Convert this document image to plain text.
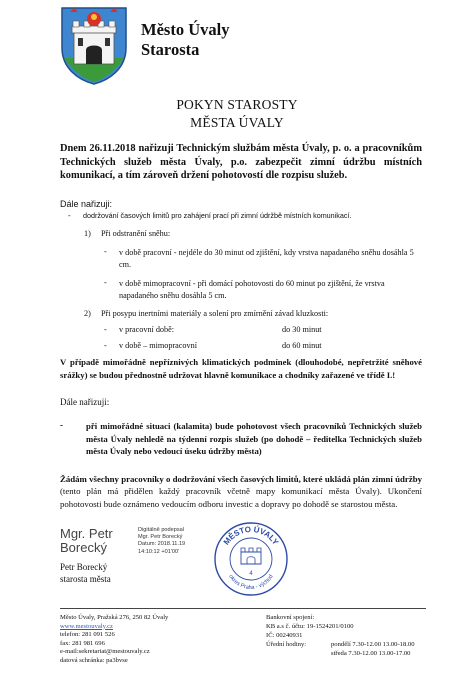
Město Úvaly
Starosta
POKYN STAROSTY
MĚSTA ÚVALY
Dnem 26.11.2018 nařizuji Technickým službám města Úvaly, p. o. a pracovníkům Technických služeb města Úvaly, p.o. zabezpečit zimní údržbu místních komunikací, a tím zároveň držení pohotovostí dle rozpisu služeb.
Dále nařizuji:
- dodržování časových limitů pro zahájení prací při zimní údržbě místních komunikací.
1) Při odstranění sněhu:
- v době pracovní - nejdéle do 30 minut od zjištění, kdy vrstva napadaného sněhu dosáhla 5 cm.
- v době mimopracovní - při domácí pohotovosti do 60 minut po zjištění, že vrstva napadaného sněhu dosáhla 5 cm.
2) Při posypu inertními materiály a solení pro zmírnění závad kluzkosti:
- v pracovní době:	do 30 minut
- v době – mimopracovní	do 60 minut
V případě mimořádně nepříznivých klimatických podmínek (dlouhodobé, nepřetržité sněhové srážky) se budou přednostně udržovat hlavně komunikace a chodníky zařazené ve třídě I.!
Dále nařizuji:
-	při mimořádné situaci (kalamita) bude pohotovost všech pracovníků Technických služeb města Úvaly nehledě na týdenní rozpis služeb (po dohodě – ředitelka Technických služeb města Úvaly nebo vedoucí úseku údržby města)
Žádám všechny pracovníky o dodržování všech časových limitů, které ukládá plán zimní údržby (tento plán má přidělen každý pracovník včetně mapy komunikací města Úvaly). Ukončení pohotovosti bude oznámeno vedoucím odboru investic a dopravy po dohodě se starostou města.
Mgr. Petr
Borecký
Digitálně podepsal
Mgr. Petr Borecký
Datum: 2018.11.19
14:10:12 +01'00'
Petr Borecký
starosta města
MĚSTO ÚVALY
okres Praha - východ
4
Město Úvaly, Pražská 276, 250 82 Úvaly
www.mestouvaly.cz
telefon: 281 091 526
fax: 281 981 696
e-mail:sekretariat@mestouvaly.cz
datová schránka: pa3bvse
Bankovní spojení:
KB a.s č. účtu: 19-1524201/0100
IČ: 00240931
Úřední hodiny:	pondělí 7.30-12.00 13.00-18.00
středa 7.30-12.00 13.00-17.00
